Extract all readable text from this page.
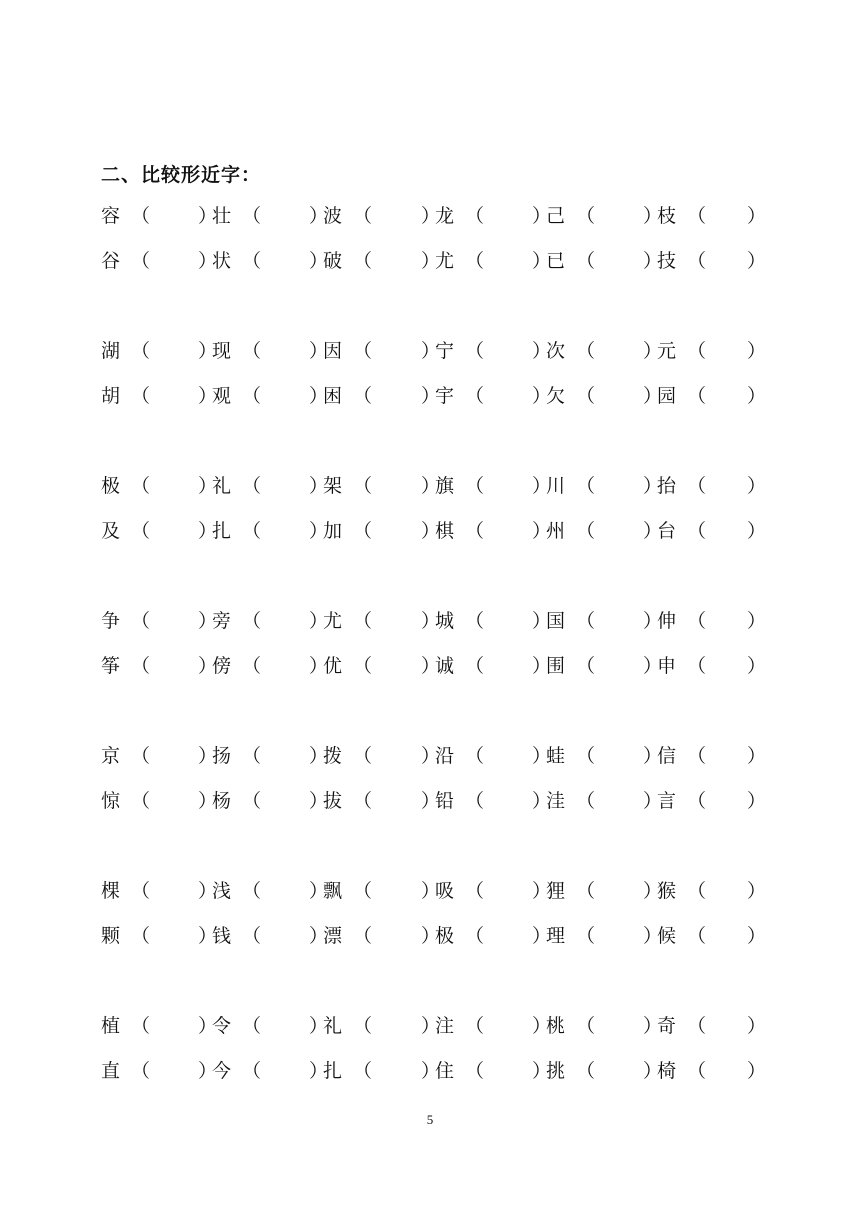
二、比较形近字：
容 （	）壮 （	）波 （	）龙 （	）己 （	）枝 （	）
谷 （	）状 （	）破 （	）尤 （	）已 （	）技 （	）
湖 （	）现 （	）因 （	）宁 （	）次 （	）元 （	）
胡 （	）观 （	）困 （	）宇 （	）欠 （	）园 （	）
极 （	）礼 （	）架 （	）旗 （	）川 （	）抬 （	）
及 （	）扎 （	）加 （	）棋 （	）州 （	）台 （	）
争 （	）旁 （	）尤 （	）城 （	）国 （	）伸 （	）
筝 （	）傍 （	）优 （	）诚 （	）围 （	）申 （	）
京 （	）扬 （	）拨 （	）沿 （	）蛙 （	）信 （	）
惊 （	）杨 （	）拔 （	）铅 （	）洼 （	）言 （	）
棵 （	）浅 （	）飘 （	）吸 （	）狸 （	）猴 （	）
颗 （	）钱 （	）漂 （	）极 （	）理 （	）候 （	）
植 （	）令 （	）礼 （	）注 （	）桃 （	）奇 （	）
直 （	）今 （	）扎 （	）住 （	）挑 （	）椅 （	）
5
